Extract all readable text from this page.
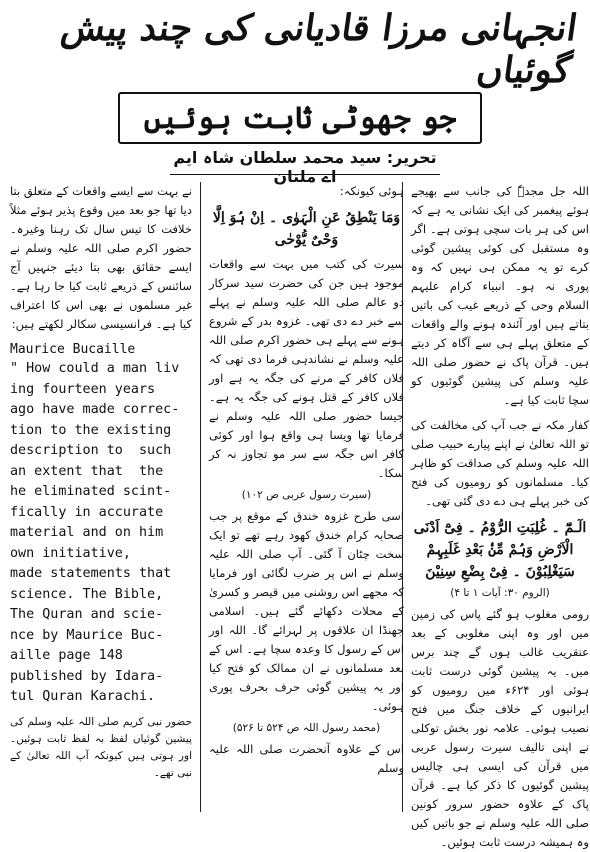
انجہانی مرزا قادیانی کی چند پیش گوئیاں
جو جھوٹی ثابت ہوئیں
تحریر: سید محمد سلطان شاہ ایم اے ملتان

اللہ جل مجدہٗ کی جانب سے بھیجے ہوئے پیغمبر کی ایک نشانی یہ ہے کہ اس کی ہر بات سچی ہوتی ہے۔ اگر وہ مستقبل کی کوئی پیشین گوئی کرے تو یہ ممکن ہی نہیں کہ وہ پوری نہ ہو۔ انبیاء کرام علیہم السلام وحی کے ذریعے غیب کی باتیں بتاتے ہیں اور آئندہ ہونے والے واقعات کے متعلق پہلے ہی سے آگاہ کر دیتے ہیں۔ قرآن پاک نے حضور صلی اللہ علیہ وسلم کی پیشین گوئیوں کو سچا ثابت کیا ہے۔

کفار مکہ نے جب آپ کی مخالفت کی تو اللہ تعالیٰ نے اپنے پیارے حبیب صلی اللہ علیہ وسلم کی صداقت کو ظاہر کیا۔ مسلمانوں کو رومیوں کی فتح کی خبر پہلے ہی دے دی گئی تھی۔

الٓـمّٓ ۔ غُلِبَتِ الرُّوْمُ ۔ فِیْٓ اَدْنَی الْاَرْضِ وَہُمْ مِّنْۢ بَعْدِ غَلَبِہِمْ سَیَغْلِبُوْنَ ۔ فِیْ بِضْعِ سِنِیْنَ

(الروم ۳۰: آیات ۱ تا ۴)

رومی مغلوب ہو گئے پاس کی زمین میں اور وہ اپنی مغلوبی کے بعد عنقریب غالب ہوں گے چند برس میں۔ یہ پیشین گوئی درست ثابت ہوئی اور ۶۲۴ء میں رومیوں کو ایرانیوں کے خلاف جنگ میں فتح نصیب ہوئی۔ علامہ نور بخش توکلی نے اپنی تالیف سیرت رسول عربی میں قرآن کی ایسی ہی چالیس پیشین گوئیوں کا ذکر کیا ہے۔ قرآن پاک کے علاوہ حضور سرور کونین صلی اللہ علیہ وسلم نے جو باتیں کیں وہ ہمیشہ درست ثابت ہوئیں۔

ہوئی کیونکہ:

وَمَا یَنْطِقُ عَنِ الْہَوٰی ۔ اِنْ ہُوَ اِلَّا وَحْیٌ یُّوْحٰی

سیرت کی کتب میں بہت سے واقعات موجود ہیں جن کی حضرت سید سرکار دو عالم صلی اللہ علیہ وسلم نے پہلے سے خبر دے دی تھی۔ غزوہ بدر کے شروع ہونے سے پہلے ہی حضور اکرم صلی اللہ علیہ وسلم نے نشاندہی فرما دی تھی کہ فلاں کافر کے مرنے کی جگہ یہ ہے اور فلاں کافر کے قتل ہونے کی جگہ یہ ہے۔ جیسا حضور صلی اللہ علیہ وسلم نے فرمایا تھا ویسا ہی واقع ہوا اور کوئی کافر اس جگہ سے سر مو تجاوز نہ کر سکا۔

(سیرت رسول عربی ص ۱۰۲)

اسی طرح غزوہ خندق کے موقع پر جب صحابہ کرام خندق کھود رہے تھے تو ایک سخت چٹان آ گئی۔ آپ صلی اللہ علیہ وسلم نے اس پر ضرب لگائی اور فرمایا کہ مجھے اس روشنی میں قیصر و کسریٰ کے محلات دکھائے گئے ہیں۔ اسلامی جھنڈا ان علاقوں پر لہرائے گا۔ اللہ اور اس کے رسول کا وعدہ سچا ہے۔ اس کے بعد مسلمانوں نے ان ممالک کو فتح کیا اور یہ پیشین گوئی حرف بحرف پوری ہوئی۔

(محمد رسول اللہ ص ۵۲۴ تا ۵۲۶)

اس کے علاوہ آنحضرت صلی اللہ علیہ وسلم

نے بہت سے ایسے واقعات کے متعلق بتا دیا تھا جو بعد میں وقوع پذیر ہوئے مثلاً خلافت کا تیس سال تک رہنا وغیرہ۔ حضور اکرم صلی اللہ علیہ وسلم نے ایسے حقائق بھی بتا دیئے جنہیں آج سائنس کے ذریعے ثابت کیا جا رہا ہے۔ غیر مسلموں نے بھی اس کا اعتراف کیا ہے۔ فرانسیسی سکالر لکھتے ہیں:

Maurice Bucaille

" How could a man liv
ing fourteen years
ago have made correc-
tion to the existing
description to  such
an extent that  the
he eliminated scint-
fically in accurate
material and on him
own initiative,
made statements that
science. The Bible,
The Quran and scie-
nce by Maurice Buc-
aille page 148
published by Idara-
tul Quran Karachi.

حضور نبی کریم صلی اللہ علیہ وسلم کی پیشین گوئیاں لفظ بہ لفظ ثابت ہوئیں۔ اور ہوتی ہیں کیونکہ آپ اللہ تعالیٰ کے نبی تھے۔
